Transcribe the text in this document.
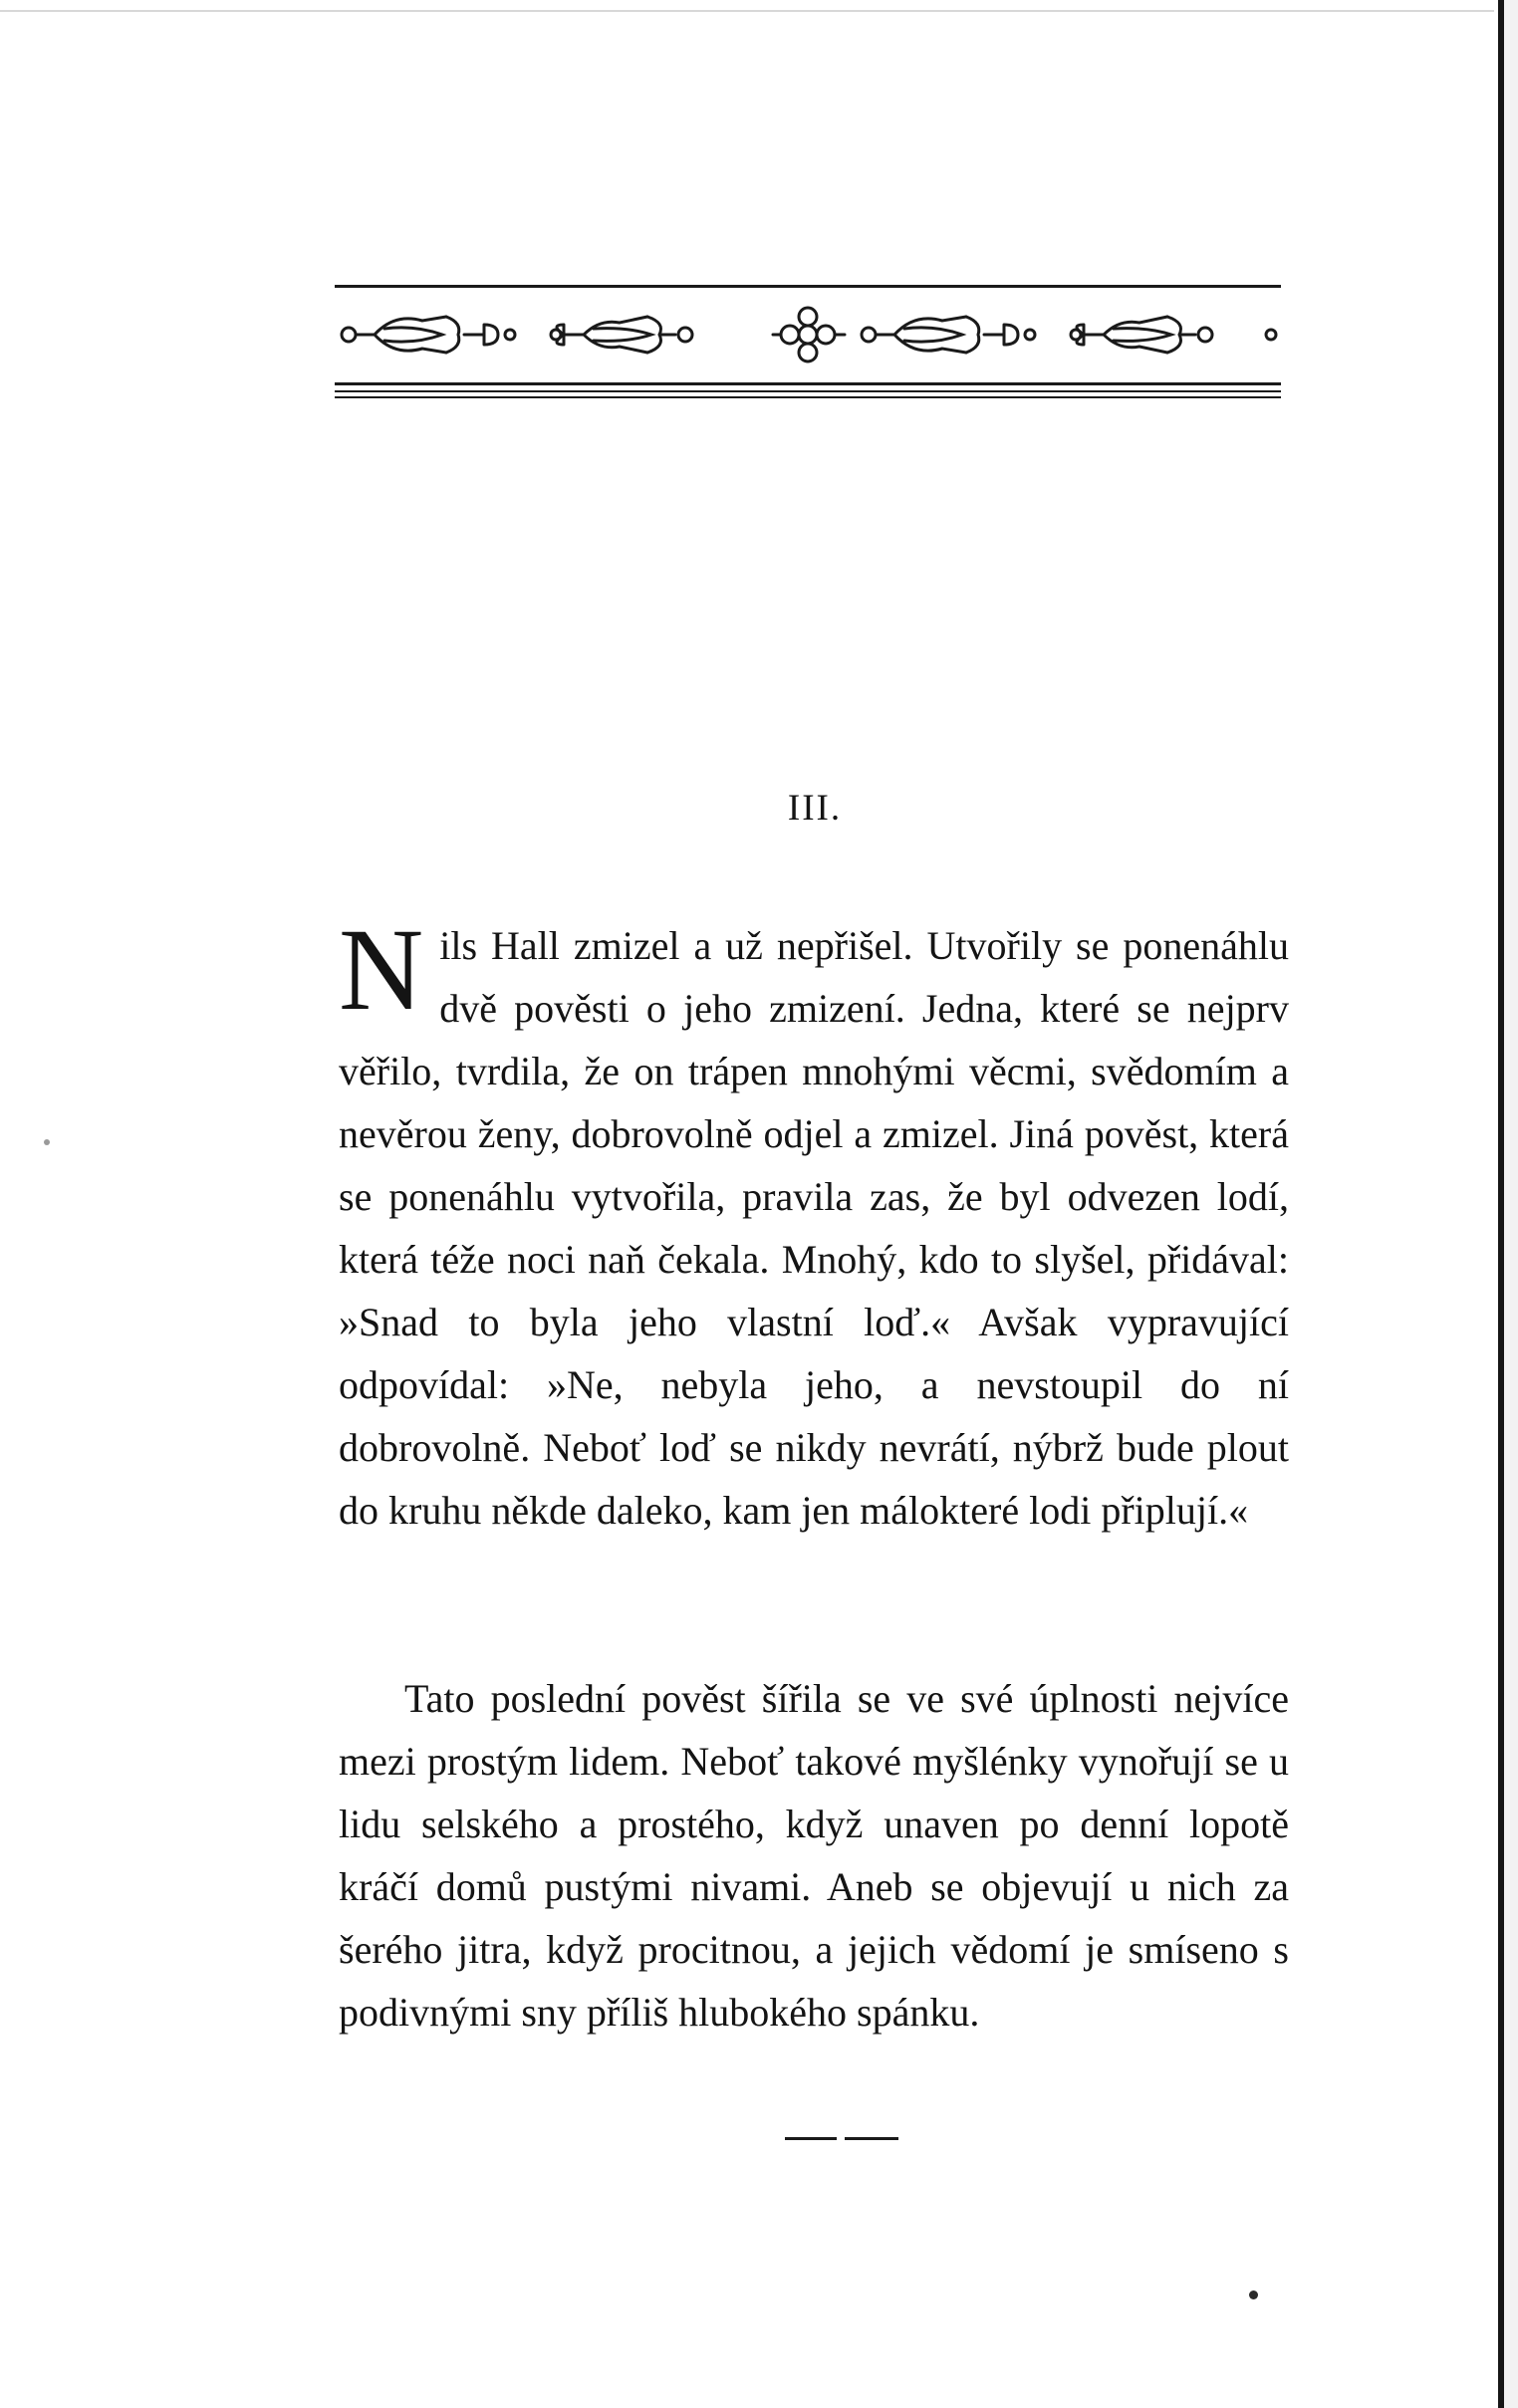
III.

Nils Hall zmizel a už nepřišel. Utvořily se ponenáhlu dvě pověsti o jeho zmizení. Jedna, které se nejprv věřilo, tvrdila, že on trápen mnohými věcmi, svědomím a nevěrou ženy, dobrovolně odjel a zmizel. Jiná pověst, která se ponenáhlu vytvořila, pravila zas, že byl odvezen lodí, která téže noci naň čekala. Mnohý, kdo to slyšel, přidával: »Snad to byla jeho vlastní loď.« Avšak vypravující odpovídal: »Ne, nebyla jeho, a nevstoupil do ní dobrovolně. Neboť loď se nikdy nevrátí, nýbrž bude plout do kruhu někde daleko, kam jen málokteré lodi připlují.«

Tato poslední pověst šířila se ve své úplnosti nejvíce mezi prostým lidem. Neboť takové myšlénky vynořují se u lidu selského a prostého, když unaven po denní lopotě kráčí domů pustými nivami. Aneb se objevují u nich za šerého jitra, když procitnou, a jejich vědomí je smíseno s podivnými sny příliš hlubokého spánku.
